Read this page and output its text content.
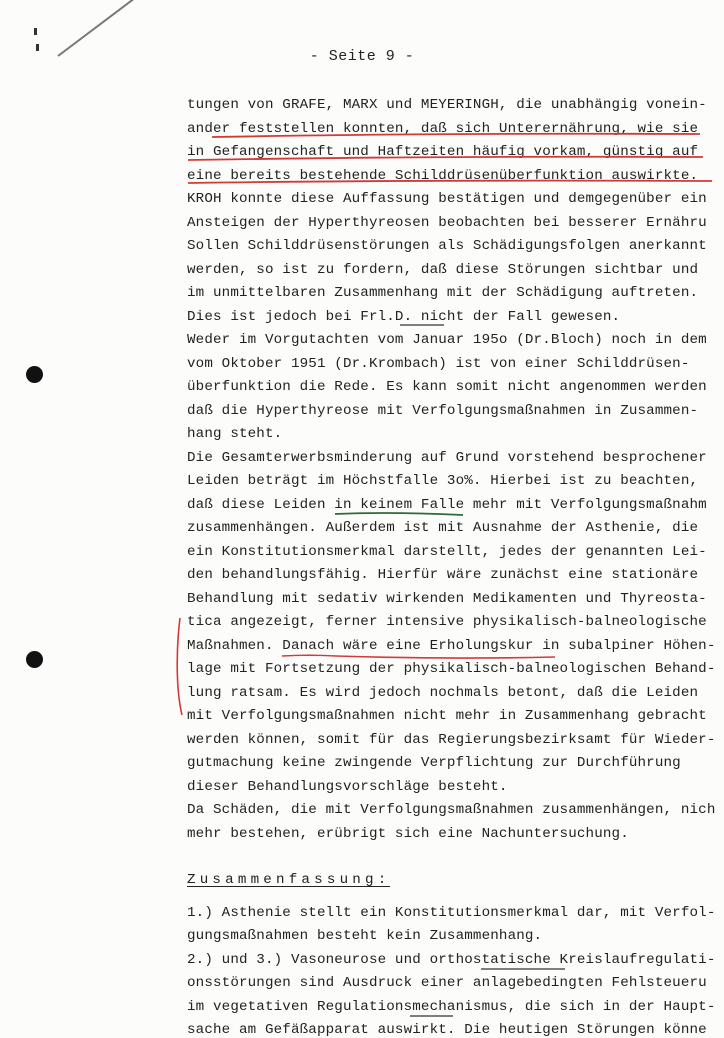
- Seite 9 -
tungen von GRAFE, MARX und MEYERINGH, die unabhängig vonein-
ander feststellen konnten, daß sich Unterernährung, wie sie
in Gefangenschaft und Haftzeiten häufig vorkam, günstig auf
eine bereits bestehende Schilddrüsenüberfunktion auswirkte.
KROH konnte diese Auffassung bestätigen und demgegenüber ein
Ansteigen der Hyperthyreosen beobachten bei besserer Ernähru
Sollen Schilddrüsenstörungen als Schädigungsfolgen anerkannt
werden, so ist zu fordern, daß diese Störungen sichtbar und
im unmittelbaren Zusammenhang mit der Schädigung auftreten.
Dies ist jedoch bei Frl.D. nicht der Fall gewesen.
Weder im Vorgutachten vom Januar 195o (Dr.Bloch) noch in dem
vom Oktober 1951 (Dr.Krombach) ist von einer Schilddrüsen-
überfunktion die Rede. Es kann somit nicht angenommen werden
daß die Hyperthyreose mit Verfolgungsmaßnahmen in Zusammen-
hang steht.
Die Gesamterwerbsminderung auf Grund vorstehend besprochener
Leiden beträgt im Höchstfalle 3o%. Hierbei ist zu beachten,
daß diese Leiden in keinem Falle mehr mit Verfolgungsmaßnahm
zusammenhängen. Außerdem ist mit Ausnahme der Asthenie, die
ein Konstitutionsmerkmal darstellt, jedes der genannten Lei-
den behandlungsfähig. Hierfür wäre zunächst eine stationäre
Behandlung mit sedativ wirkenden Medikamenten und Thyreosta-
tica angezeigt, ferner intensive physikalisch-balneologische
Maßnahmen. Danach wäre eine Erholungskur in subalpiner Höhen-
lage mit Fortsetzung der physikalisch-balneologischen Behand-
lung ratsam. Es wird jedoch nochmals betont, daß die Leiden
mit Verfolgungsmaßnahmen nicht mehr in Zusammenhang gebracht
werden können, somit für das Regierungsbezirksamt für Wieder-
gutmachung keine zwingende Verpflichtung zur Durchführung
dieser Behandlungsvorschläge besteht.
Da Schäden, die mit Verfolgungsmaßnahmen zusammenhängen, nich
mehr bestehen, erübrigt sich eine Nachuntersuchung.
Zusammenfassung:
1.) Asthenie stellt ein Konstitutionsmerkmal dar, mit Verfol-
gungsmaßnahmen besteht kein Zusammenhang.
2.) und 3.) Vasoneurose und orthostatische Kreislaufregulati-
onsstörungen sind Ausdruck einer anlagebedingten Fehlsteueru
im vegetativen Regulationsmechanismus, die sich in der Haupt-
sache am Gefäßapparat auswirkt. Die heutigen Störungen könne
